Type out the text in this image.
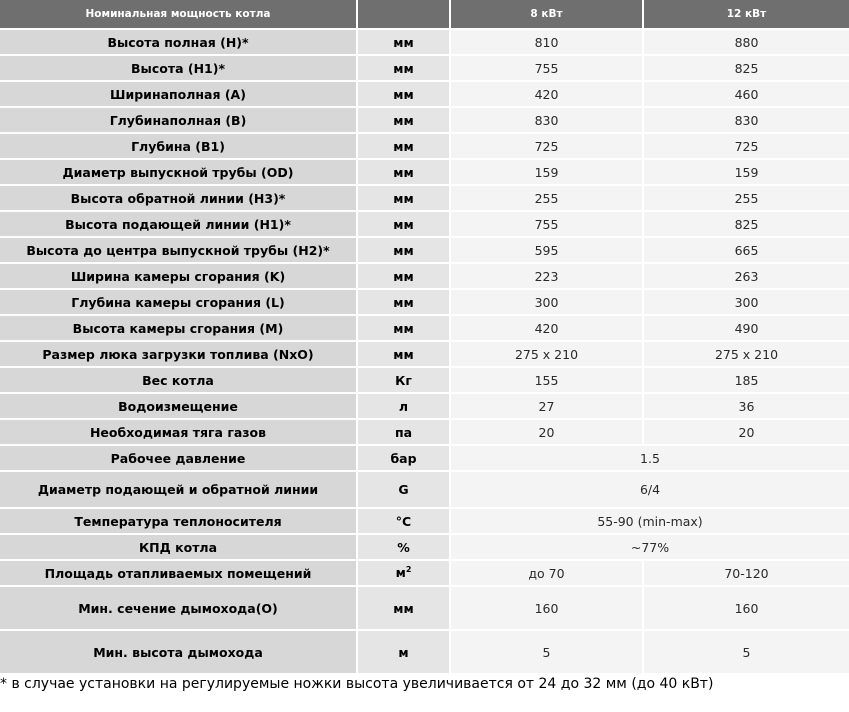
Номинальная мощность котла		8 кВт	12 кВт
Высота полная (H)*	мм	810	880
Высота (H1)*	мм	755	825
Ширинаполная (A)	мм	420	460
Глубинаполная (B)	мм	830	830
Глубина (B1)	мм	725	725
Диаметр выпускной трубы (OD)	мм	159	159
Высота обратной линии (H3)*	мм	255	255
Высота подающей линии (H1)*	мм	755	825
Высота до центра выпускной трубы (H2)*	мм	595	665
Ширина камеры сгорания (K)	мм	223	263
Глубина камеры сгорания (L)	мм	300	300
Высота камеры сгорания (M)	мм	420	490
Размер люка загрузки топлива (NxO)	мм	275 x 210	275 x 210
Вес котла	Кг	155	185
Водоизмещение	л	27	36
Необходимая тяга газов	па	20	20
Рабочее давление	бар	1.5	
Диаметр подающей и обратной линии	G	6/4	
Температура теплоносителя	°C	55-90 (min-max)	
КПД котла	%	~77%	
Площадь отапливаемых помещений	$м^2$	до 70	70-120
Мин. сечение дымохода(O)	мм	160	160
Мин. высота дымохода	м	5	5

* в случае установки на регулируемые ножки высота увеличивается от 24 до 32 мм (до 40 кВт)
